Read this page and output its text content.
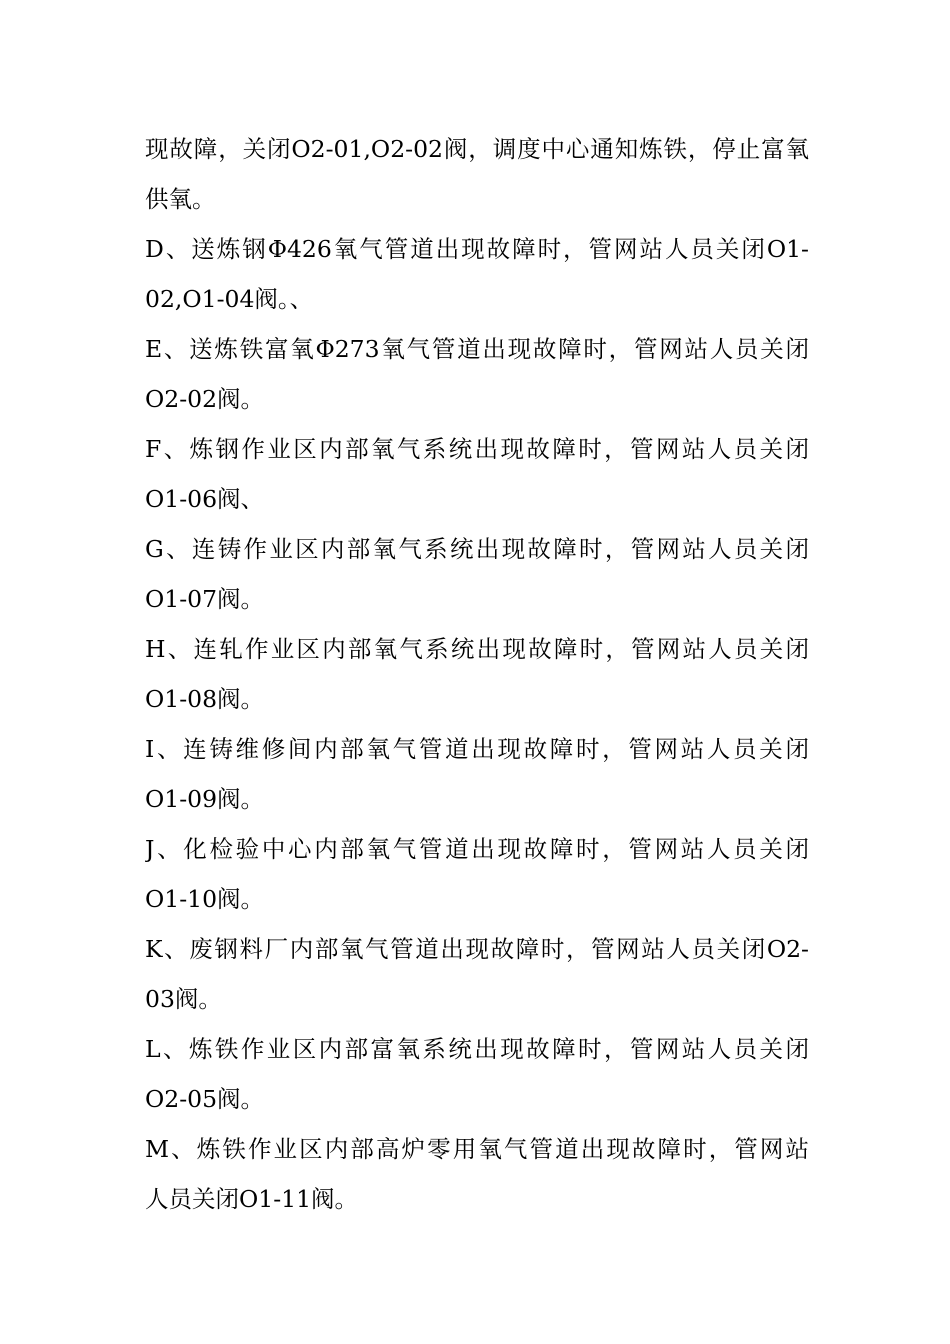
现故障，关闭O2-01,O2-02阀，调度中心通知炼铁，停止富氧
供氧。
D、送炼钢Φ426氧气管道出现故障时，管网站人员关闭O1-
02,O1-04阀。、
E、送炼铁富氧Φ273氧气管道出现故障时，管网站人员关闭
O2-02阀。
F、炼钢作业区内部氧气系统出现故障时，管网站人员关闭
O1-06阀、
G、连铸作业区内部氧气系统出现故障时，管网站人员关闭
O1-07阀。
H、连轧作业区内部氧气系统出现故障时，管网站人员关闭
O1-08阀。
I、连铸维修间内部氧气管道出现故障时，管网站人员关闭
O1-09阀。
J、化检验中心内部氧气管道出现故障时，管网站人员关闭
O1-10阀。
K、废钢料厂内部氧气管道出现故障时，管网站人员关闭O2-
03阀。
L、炼铁作业区内部富氧系统出现故障时，管网站人员关闭
O2-05阀。
M、炼铁作业区内部高炉零用氧气管道出现故障时，管网站
人员关闭O1-11阀。
